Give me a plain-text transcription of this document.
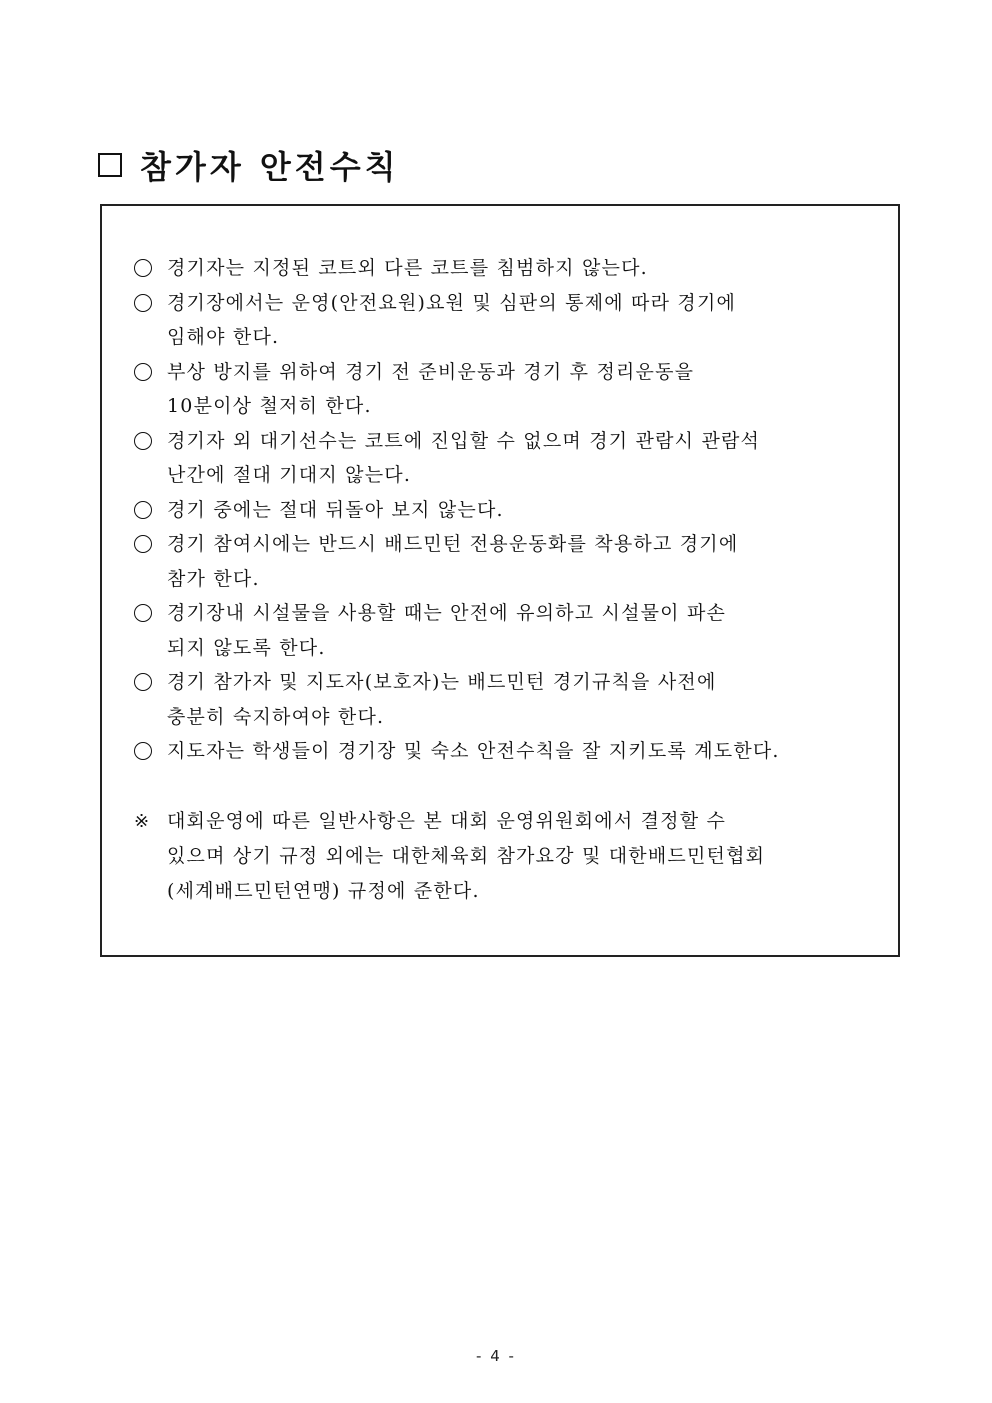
참가자 안전수칙
경기자는 지정된 코트외 다른 코트를 침범하지 않는다.
경기장에서는 운영(안전요원)요원 및 심판의 통제에 따라 경기에
임해야 한다.
부상 방지를 위하여 경기 전 준비운동과 경기 후 정리운동을
10분이상 철저히 한다.
경기자 외 대기선수는 코트에 진입할 수 없으며 경기 관람시 관람석
난간에 절대 기대지 않는다.
경기 중에는 절대 뒤돌아 보지 않는다.
경기 참여시에는 반드시 배드민턴 전용운동화를 착용하고 경기에
참가 한다.
경기장내 시설물을 사용할 때는 안전에 유의하고 시설물이 파손
되지 않도록 한다.
경기 참가자 및 지도자(보호자)는 배드민턴 경기규칙을 사전에
충분히 숙지하여야 한다.
지도자는 학생들이 경기장 및 숙소 안전수칙을 잘 지키도록 계도한다.
※ 대회운영에 따른 일반사항은 본 대회 운영위원회에서 결정할 수
있으며 상기 규정 외에는 대한체육회 참가요강 및 대한배드민턴협회
(세계배드민턴연맹) 규정에 준한다.
- 4 -
